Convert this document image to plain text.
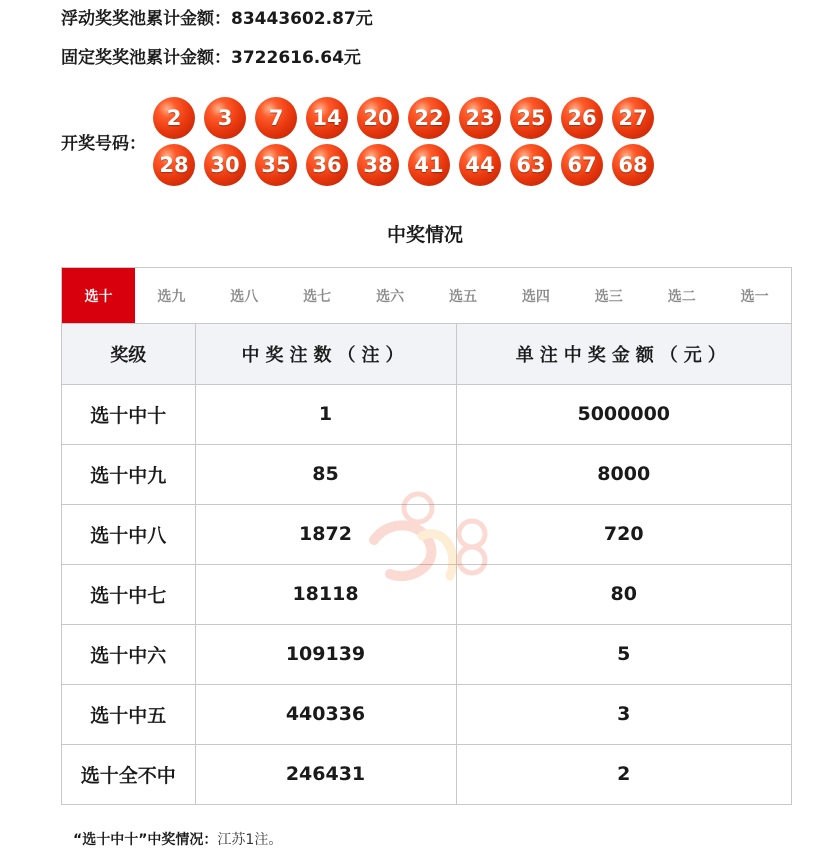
浮动奖奖池累计金额：83443602.87元
固定奖奖池累计金额：3722616.64元
开奖号码：
2	3	7	14	20	22	23	25	26	27
28	30	35	36	38	41	44	63	67	68
中奖情况
选十	选九	选八	选七	选六	选五	选四	选三	选二	选一
奖级	中奖注数（注）	单注中奖金额（元）
选十中十	1	5000000
选十中九	85	8000
选十中八	1872	720
选十中七	18118	80
选十中六	109139	5
选十中五	440336	3
选十全不中	246431	2
“选十中十”中奖情况：江苏1注。
